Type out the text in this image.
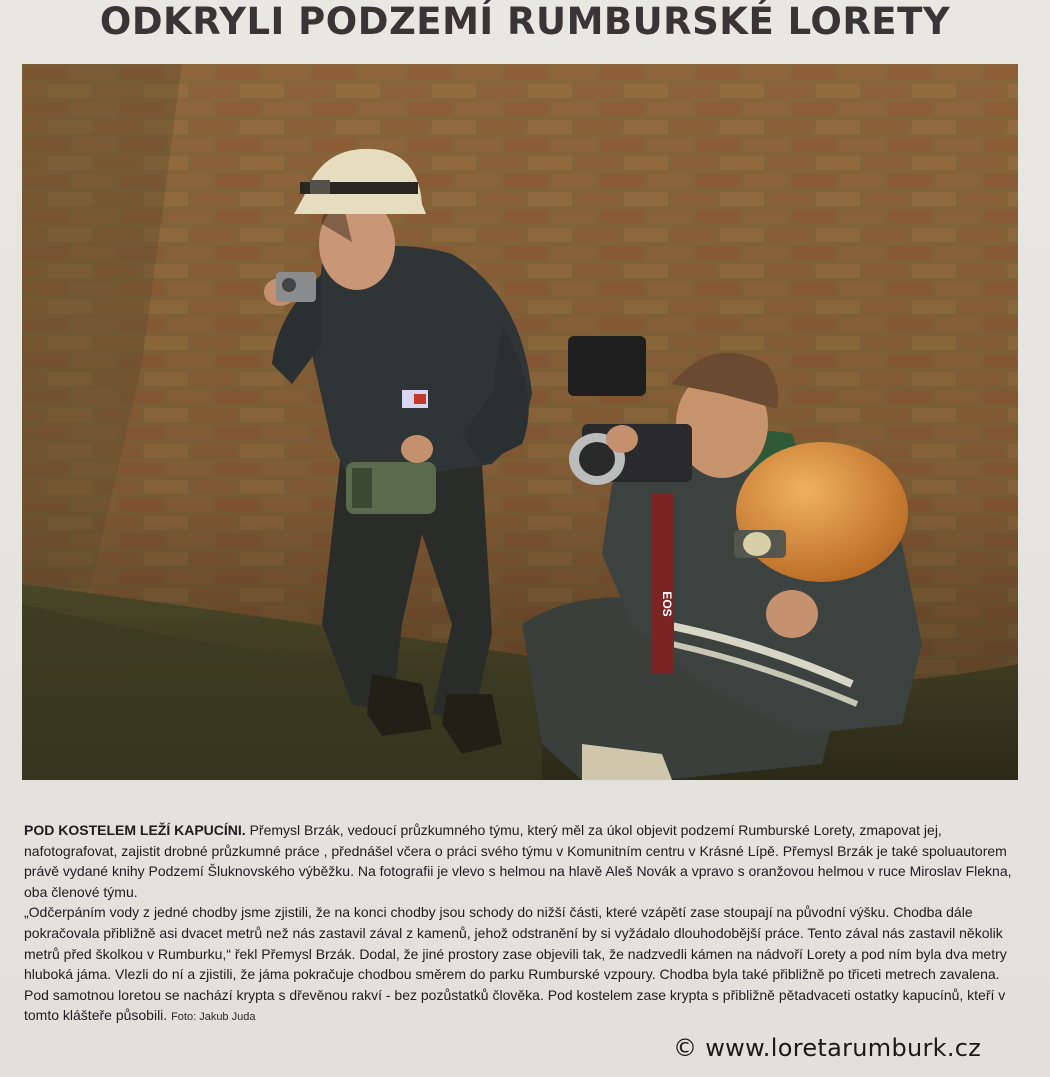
ODKRYLI PODZEMÍ RUMBURSKÉ LORETY
EOS

POD KOSTELEM LEŽÍ KAPUCÍNI. Přemysl Brzák, vedoucí průzkumného týmu, který měl za úkol objevit podzemí Rumburské Lorety, zmapovat jej, nafotografovat, zajistit drobné průzkumné práce , přednášel včera o práci svého týmu v Komunitním centru v Krásné Lípě. Přemysl Brzák je také spoluautorem právě vydané knihy Podzemí Šluknovského výběžku. Na fotografii je vlevo s helmou na hlavě Aleš Novák a vpravo s oranžovou helmou v ruce Miroslav Flekna, oba členové týmu.

„Odčerpáním vody z jedné chodby jsme zjistili, že na konci chodby jsou schody do nižší části, které vzápětí zase stoupají na původní výšku. Chodba dále pokračovala přibližně asi dvacet metrů než nás zastavil zával z kamenů, jehož odstranění by si vyžádalo dlouhodobější práce. Tento zával nás zastavil několik metrů před školkou v Rumburku,“ řekl Přemysl Brzák. Dodal, že jiné prostory zase objevili tak, že nadzvedli kámen na nádvoří Lorety a pod ním byla dva metry hluboká jáma. Vlezli do ní a zjistili, že jáma pokračuje chodbou směrem do parku Rumburské vzpoury. Chodba byla také přibližně po třiceti metrech zavalena. Pod samotnou loretou se nachází krypta s dřevěnou rakví - bez pozůstatků člověka. Pod kostelem zase krypta s přibližně pětadvaceti ostatky kapucínů, kteří v tomto klášteře působili. Foto: Jakub Juda

© www.loretarumburk.cz
